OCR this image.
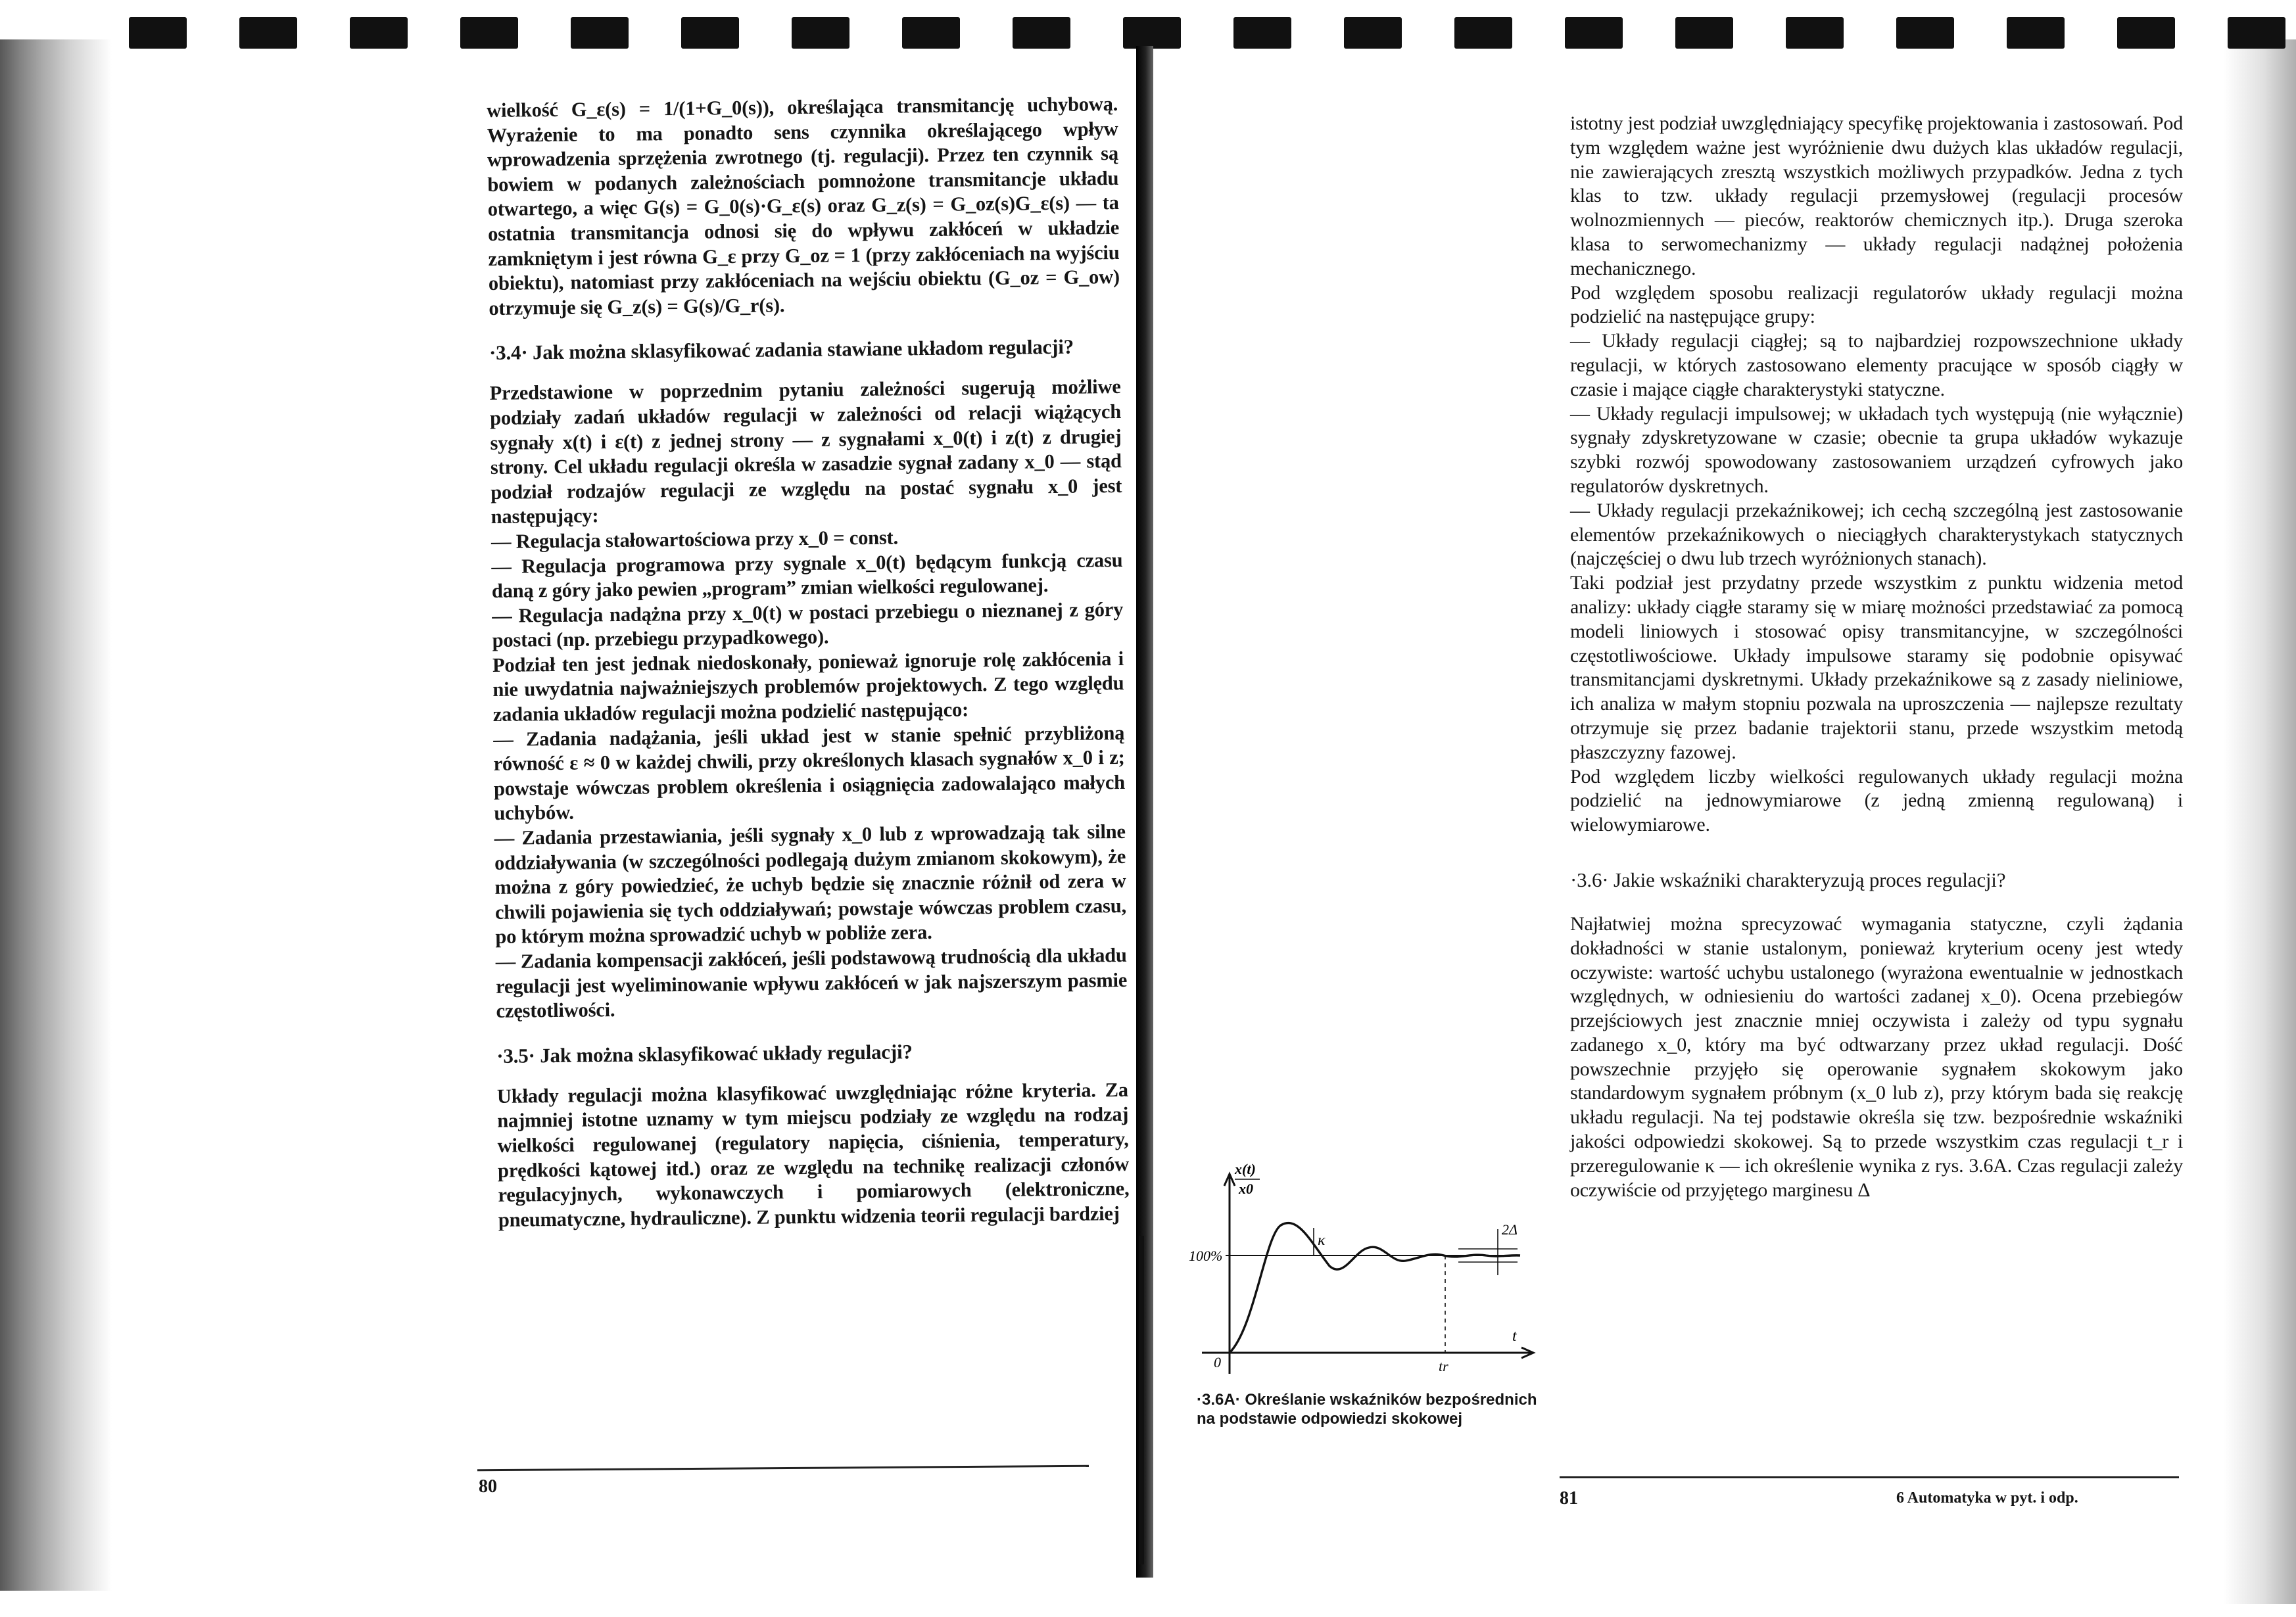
wielkość G_ε(s) = 1/(1+G_0(s)), określająca transmitancję uchybową. Wyrażenie to ma ponadto sens czynnika określającego wpływ wprowadzenia sprzężenia zwrotnego (tj. regulacji). Przez ten czynnik są bowiem w podanych zależnościach pomnożone transmitancje układu otwartego, a więc G(s) = G_0(s)·G_ε(s) oraz G_z(s) = G_oz(s)G_ε(s) — ta ostatnia transmitancja odnosi się do wpływu zakłóceń w układzie zamkniętym i jest równa G_ε przy G_oz = 1 (przy zakłóceniach na wyjściu obiektu), natomiast przy zakłóceniach na wejściu obiektu (G_oz = G_ow) otrzymuje się G_z(s) = G(s)/G_r(s).

·3.4· Jak można sklasyfikować zadania stawiane układom regulacji?

Przedstawione w poprzednim pytaniu zależności sugerują możliwe podziały zadań układów regulacji w zależności od relacji wiążących sygnały x(t) i ε(t) z jednej strony — z sygnałami x_0(t) i z(t) z drugiej strony. Cel układu regulacji określa w zasadzie sygnał zadany x_0 — stąd podział rodzajów regulacji ze względu na postać sygnału x_0 jest następujący:

— Regulacja stałowartościowa przy x_0 = const.

— Regulacja programowa przy sygnale x_0(t) będącym funkcją czasu daną z góry jako pewien „program” zmian wielkości regulowanej.

— Regulacja nadążna przy x_0(t) w postaci przebiegu o nieznanej z góry postaci (np. przebiegu przypadkowego).

Podział ten jest jednak niedoskonały, ponieważ ignoruje rolę zakłócenia i nie uwydatnia najważniejszych problemów projektowych. Z tego względu zadania układów regulacji można podzielić następująco:

— Zadania nadążania, jeśli układ jest w stanie spełnić przybliżoną równość ε ≈ 0 w każdej chwili, przy określonych klasach sygnałów x_0 i z; powstaje wówczas problem określenia i osiągnięcia zadowalająco małych uchybów.

— Zadania przestawiania, jeśli sygnały x_0 lub z wprowadzają tak silne oddziaływania (w szczególności podlegają dużym zmianom skokowym), że można z góry powiedzieć, że uchyb będzie się znacznie różnił od zera w chwili pojawienia się tych oddziaływań; powstaje wówczas problem czasu, po którym można sprowadzić uchyb w pobliże zera.

— Zadania kompensacji zakłóceń, jeśli podstawową trudnością dla układu regulacji jest wyeliminowanie wpływu zakłóceń w jak najszerszym pasmie częstotliwości.

·3.5· Jak można sklasyfikować układy regulacji?

Układy regulacji można klasyfikować uwzględniając różne kryteria. Za najmniej istotne uznamy w tym miejscu podziały ze względu na rodzaj wielkości regulowanej (regulatory napięcia, ciśnienia, temperatury, prędkości kątowej itd.) oraz ze względu na technikę realizacji członów regulacyjnych, wykonawczych i pomiarowych (elektroniczne, pneumatyczne, hydrauliczne). Z punktu widzenia teorii regulacji bardziej

80
x(t)
x0
100%
κ
2Δ
t
0	tr
·3.6A· Określanie wskaźników bezpośrednich na podstawie odpowiedzi skokowej

istotny jest podział uwzględniający specyfikę projektowania i zastosowań. Pod tym względem ważne jest wyróżnienie dwu dużych klas układów regulacji, nie zawierających zresztą wszystkich możliwych przypadków. Jedna z tych klas to tzw. układy regulacji przemysłowej (regulacji procesów wolnozmiennych — pieców, reaktorów chemicznych itp.). Druga szeroka klasa to serwomechanizmy — układy regulacji nadążnej położenia mechanicznego.

Pod względem sposobu realizacji regulatorów układy regulacji można podzielić na następujące grupy:

— Układy regulacji ciągłej; są to najbardziej rozpowszechnione układy regulacji, w których zastosowano elementy pracujące w sposób ciągły w czasie i mające ciągłe charakterystyki statyczne.

— Układy regulacji impulsowej; w układach tych występują (nie wyłącznie) sygnały zdyskretyzowane w czasie; obecnie ta grupa układów wykazuje szybki rozwój spowodowany zastosowaniem urządzeń cyfrowych jako regulatorów dyskretnych.

— Układy regulacji przekaźnikowej; ich cechą szczególną jest zastosowanie elementów przekaźnikowych o nieciągłych charakterystykach statycznych (najczęściej o dwu lub trzech wyróżnionych stanach).

Taki podział jest przydatny przede wszystkim z punktu widzenia metod analizy: układy ciągłe staramy się w miarę możności przedstawiać za pomocą modeli liniowych i stosować opisy transmitancyjne, w szczególności częstotliwościowe. Układy impulsowe staramy się podobnie opisywać transmitancjami dyskretnymi. Układy przekaźnikowe są z zasady nieliniowe, ich analiza w małym stopniu pozwala na uproszczenia — najlepsze rezultaty otrzymuje się przez badanie trajektorii stanu, przede wszystkim metodą płaszczyzny fazowej.

Pod względem liczby wielkości regulowanych układy regulacji można podzielić na jednowymiarowe (z jedną zmienną regulowaną) i wielowymiarowe.

·3.6· Jakie wskaźniki charakteryzują proces regulacji?

Najłatwiej można sprecyzować wymagania statyczne, czyli żądania dokładności w stanie ustalonym, ponieważ kryterium oceny jest wtedy oczywiste: wartość uchybu ustalonego (wyrażona ewentualnie w jednostkach względnych, w odniesieniu do wartości zadanej x_0). Ocena przebiegów przejściowych jest znacznie mniej oczywista i zależy od typu sygnału zadanego x_0, który ma być odtwarzany przez układ regulacji. Dość powszechnie przyjęło się operowanie sygnałem skokowym jako standardowym sygnałem próbnym (x_0 lub z), przy którym bada się reakcję układu regulacji. Na tej podstawie określa się tzw. bezpośrednie wskaźniki jakości odpowiedzi skokowej. Są to przede wszystkim czas regulacji t_r i przeregulowanie κ — ich określenie wynika z rys. 3.6A. Czas regulacji zależy oczywiście od przyjętego marginesu Δ

81	6 Automatyka w pyt. i odp.
